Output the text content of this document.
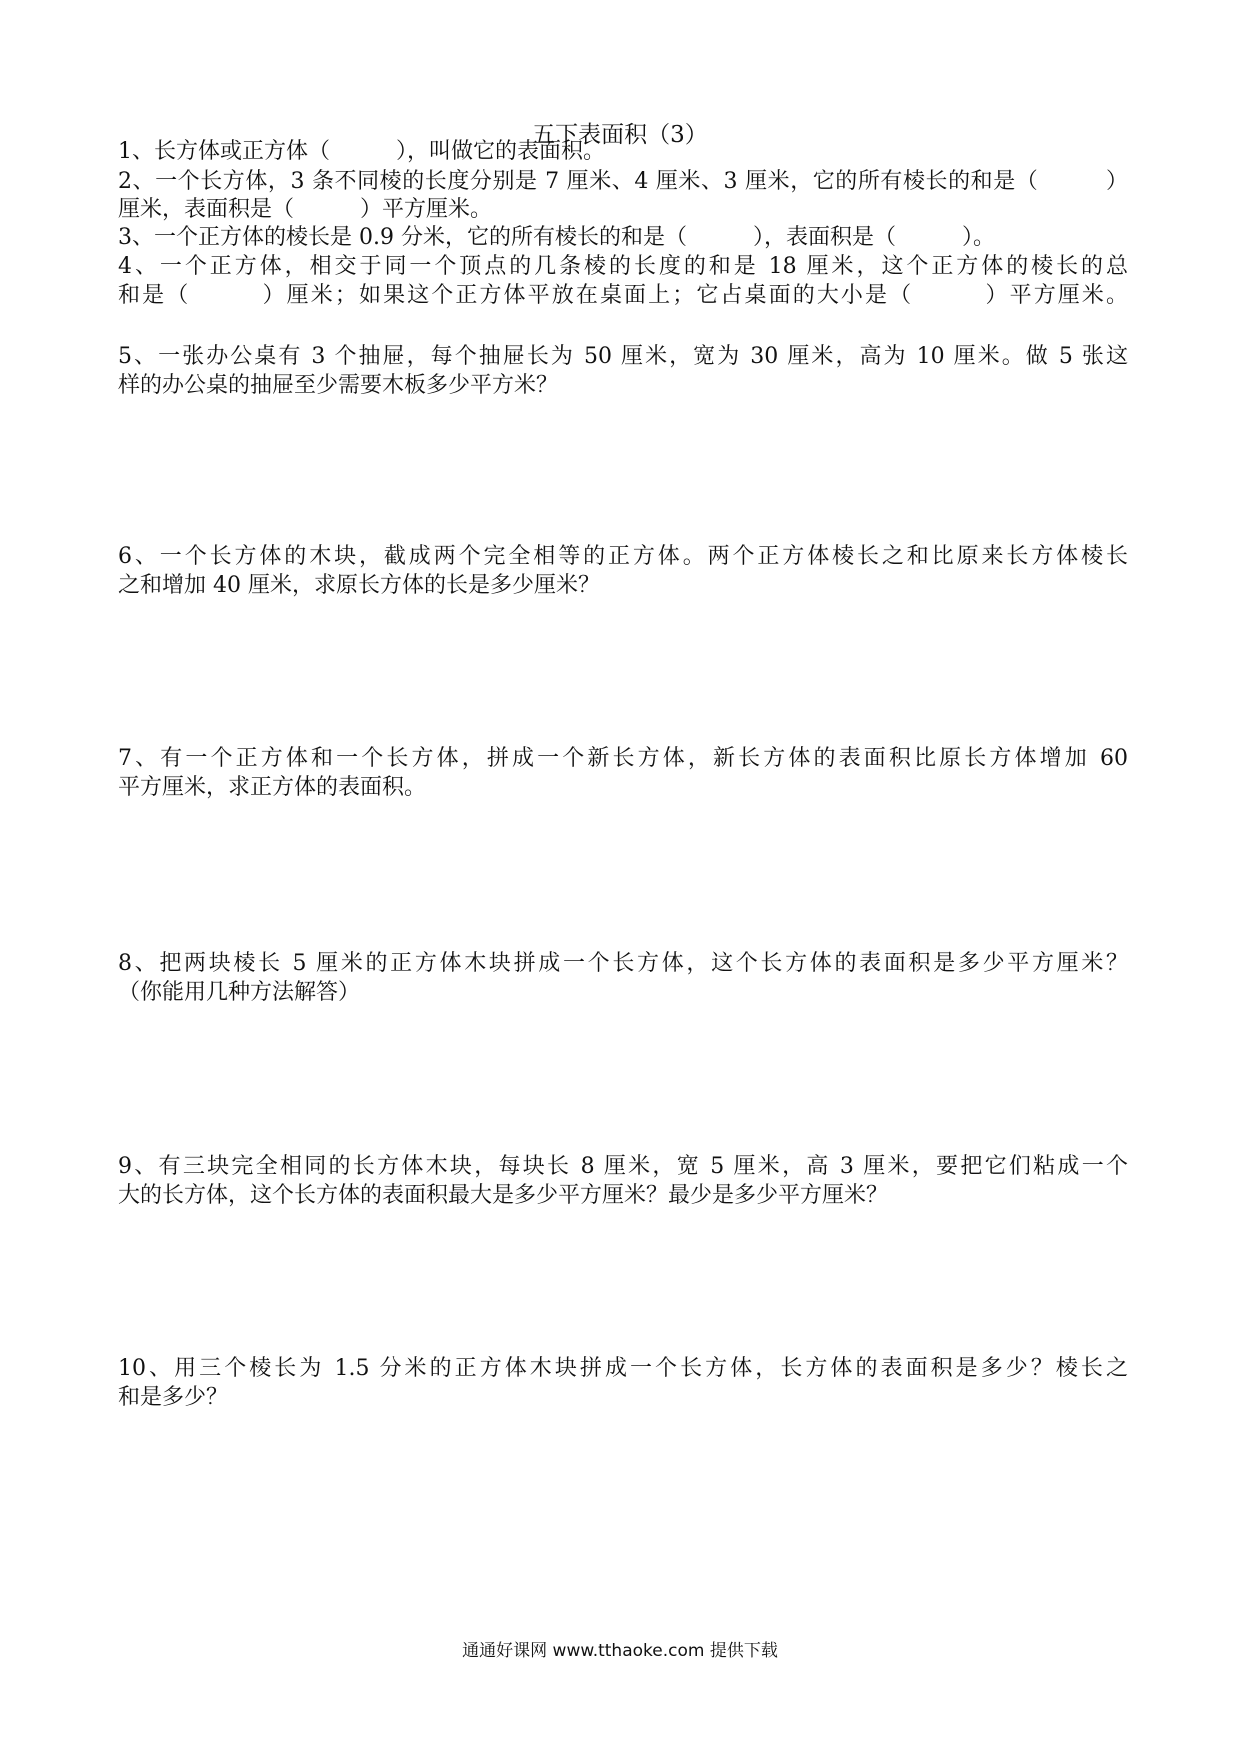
五下表面积（3）
1、长方体或正方体（　　　），叫做它的表面积。
2、一个长方体，3 条不同棱的长度分别是 7 厘米、4 厘米、3 厘米，它的所有棱长的和是（　　　）
厘米，表面积是（　　　）平方厘米。
3、一个正方体的棱长是 0.9 分米，它的所有棱长的和是（　　　），表面积是（　　　）。
4、一个正方体，相交于同一个顶点的几条棱的长度的和是 18 厘米，这个正方体的棱长的总
和是（　　　）厘米；如果这个正方体平放在桌面上；它占桌面的大小是（　　　）平方厘米。
5、一张办公桌有 3 个抽屉，每个抽屉长为 50 厘米，宽为 30 厘米，高为 10 厘米。做 5 张这
样的办公桌的抽屉至少需要木板多少平方米？
6、一个长方体的木块，截成两个完全相等的正方体。两个正方体棱长之和比原来长方体棱长
之和增加 40 厘米，求原长方体的长是多少厘米？
7、有一个正方体和一个长方体，拼成一个新长方体，新长方体的表面积比原长方体增加 60
平方厘米，求正方体的表面积。
8、把两块棱长 5 厘米的正方体木块拼成一个长方体，这个长方体的表面积是多少平方厘米？
（你能用几种方法解答）
9、有三块完全相同的长方体木块，每块长 8 厘米，宽 5 厘米，高 3 厘米，要把它们粘成一个
大的长方体，这个长方体的表面积最大是多少平方厘米？最少是多少平方厘米？
10、用三个棱长为 1.5 分米的正方体木块拼成一个长方体，长方体的表面积是多少？棱长之
和是多少？
通通好课网 www.tthaoke.com 提供下载
